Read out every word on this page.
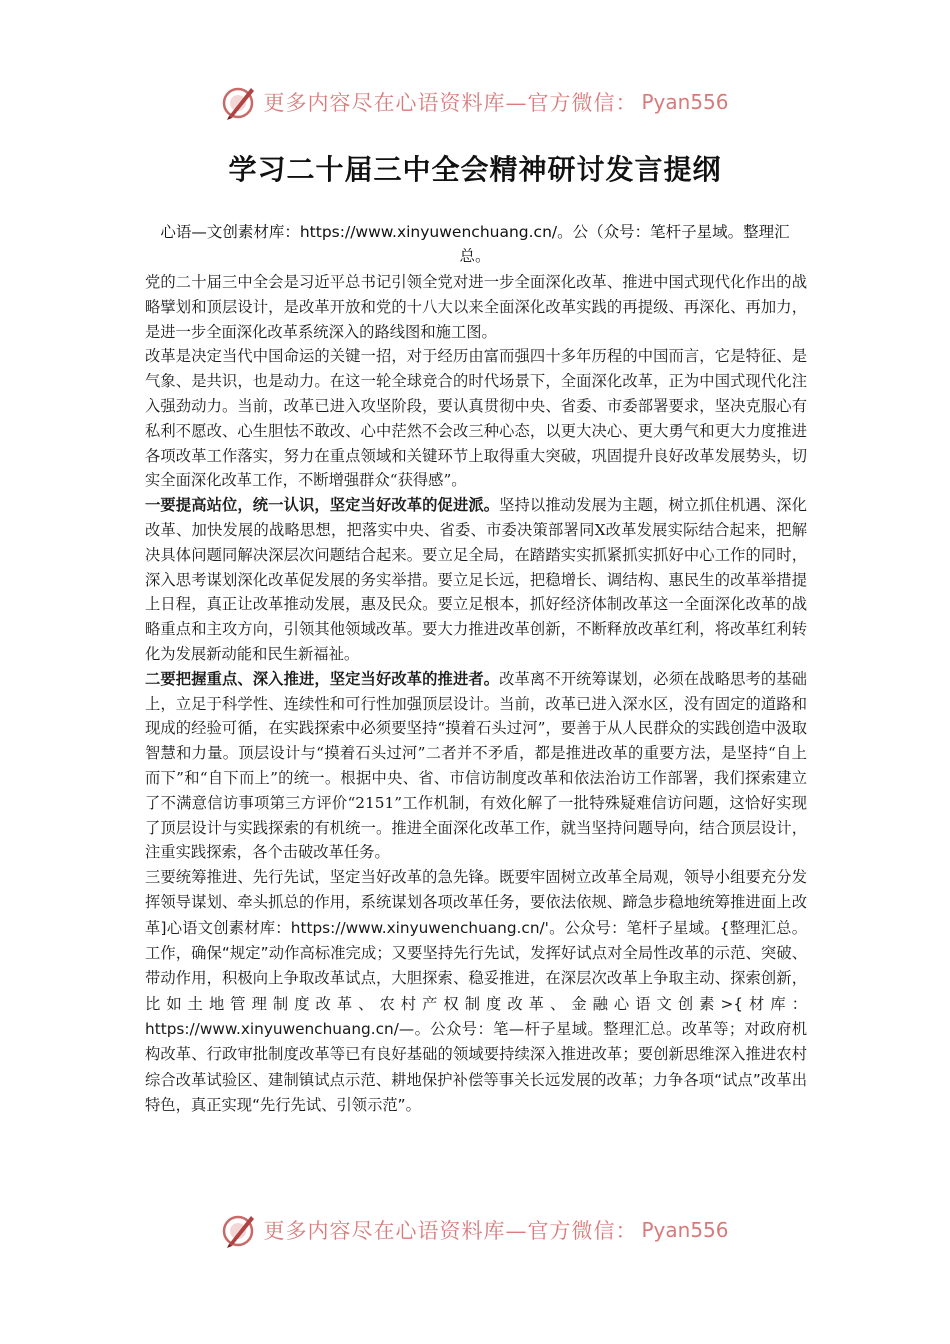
更多内容尽在心语资料库—官方微信： Pyan556
学习二十届三中全会精神研讨发言提纲
心语—文创素材库：https://www.xinyuwenchuang.cn/。公（众号：笔杆子星域。整理汇总。

党的二十届三中全会是习近平总书记引领全党对进一步全面深化改革、推进中国式现代化作出的战略擘划和顶层设计，是改革开放和党的十八大以来全面深化改革实践的再提级、再深化、再加力，是进一步全面深化改革系统深入的路线图和施工图。

改革是决定当代中国命运的关键一招，对于经历由富而强四十多年历程的中国而言，它是特征、是气象、是共识，也是动力。在这一轮全球竞合的时代场景下，全面深化改革，正为中国式现代化注入强劲动力。当前，改革已进入攻坚阶段，要认真贯彻中央、省委、市委部署要求，坚决克服心有私利不愿改、心生胆怯不敢改、心中茫然不会改三种心态，以更大决心、更大勇气和更大力度推进各项改革工作落实，努力在重点领域和关键环节上取得重大突破，巩固提升良好改革发展势头，切实全面深化改革工作，不断增强群众“获得感”。

一要提高站位，统一认识，坚定当好改革的促进派。坚持以推动发展为主题，树立抓住机遇、深化改革、加快发展的战略思想，把落实中央、省委、市委决策部署同X改革发展实际结合起来，把解决具体问题同解决深层次问题结合起来。要立足全局，在踏踏实实抓紧抓实抓好中心工作的同时，深入思考谋划深化改革促发展的务实举措。要立足长远，把稳增长、调结构、惠民生的改革举措提上日程，真正让改革推动发展，惠及民众。要立足根本，抓好经济体制改革这一全面深化改革的战略重点和主攻方向，引领其他领域改革。要大力推进改革创新，不断释放改革红利，将改革红利转化为发展新动能和民生新福祉。

二要把握重点、深入推进，坚定当好改革的推进者。改革离不开统筹谋划，必须在战略思考的基础上，立足于科学性、连续性和可行性加强顶层设计。当前，改革已进入深水区，没有固定的道路和现成的经验可循，在实践探索中必须要坚持“摸着石头过河”，要善于从人民群众的实践创造中汲取智慧和力量。顶层设计与“摸着石头过河”二者并不矛盾，都是推进改革的重要方法，是坚持“自上而下”和“自下而上”的统一。根据中央、省、市信访制度改革和依法治访工作部署，我们探索建立了不满意信访事项第三方评价“2151”工作机制，有效化解了一批特殊疑难信访问题，这恰好实现了顶层设计与实践探索的有机统一。推进全面深化改革工作，就当坚持问题导向，结合顶层设计，注重实践探索，各个击破改革任务。

三要统筹推进、先行先试，坚定当好改革的急先锋。既要牢固树立改革全局观，领导小组要充分发挥领导谋划、牵头抓总的作用，系统谋划各项改革任务，要依法依规、蹄急步稳地统筹推进面上改革]心语文创素材库：https://www.xinyuwenchuang.cn/'。公众号：笔杆子星域。{整理汇总。工作，确保“规定”动作高标准完成；又要坚持先行先试，发挥好试点对全局性改革的示范、突破、带动作用，积极向上争取改革试点，大胆探索、稳妥推进，在深层次改革上争取主动、探索创新，比如土地管理制度改革、农村产权制度改革、金融心语文创素>{材库：https://www.xinyuwenchuang.cn/—。公众号：笔—杆子星域。整理汇总。改革等；对政府机构改革、行政审批制度改革等已有良好基础的领域要持续深入推进改革；要创新思维深入推进农村综合改革试验区、建制镇试点示范、耕地保护补偿等事关长远发展的改革；力争各项“试点”改革出特色，真正实现“先行先试、引领示范”。

更多内容尽在心语资料库—官方微信： Pyan556
